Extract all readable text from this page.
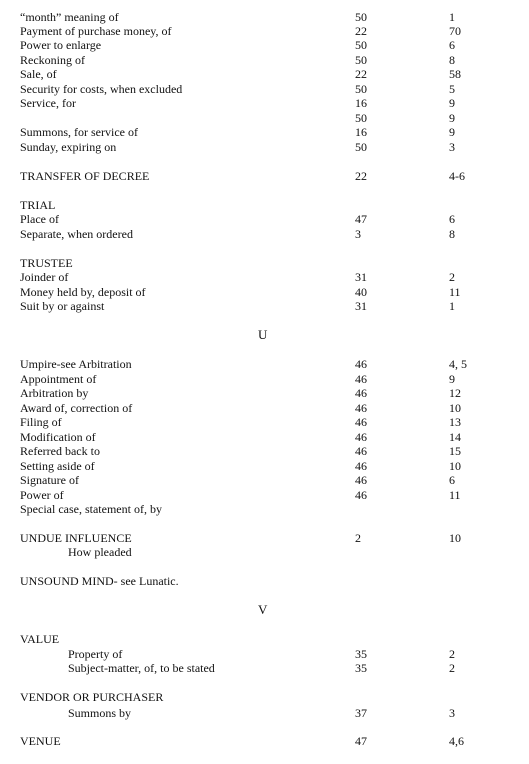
“month” meaning of	50	1
Payment of purchase money, of	22	70
Power to enlarge	50	6
Reckoning of	50	8
Sale, of	22	58
Security for costs, when excluded	50	5
Service, for	16	9
50	9
Summons, for service of	16	9
Sunday, expiring on	50	3
TRANSFER OF DECREE	22	4-6
TRIAL
Place of	47	6
Separate, when ordered	3	8
TRUSTEE
Joinder of	31	2
Money held by, deposit of	40	11
Suit by or against	31	1
U
Umpire-see Arbitration	46	4, 5
Appointment of	46	9
Arbitration by	46	12
Award of, correction of	46	10
Filing of	46	13
Modification of	46	14
Referred back to	46	15
Setting aside of	46	10
Signature of	46	6
Power of	46	11
Special case, statement of, by
UNDUE INFLUENCE	2	10
How pleaded
UNSOUND MIND- see Lunatic.
V
VALUE
Property of	35	2
Subject-matter, of, to be stated	35	2
VENDOR OR PURCHASER
Summons by	37	3
VENUE	47	4,6
